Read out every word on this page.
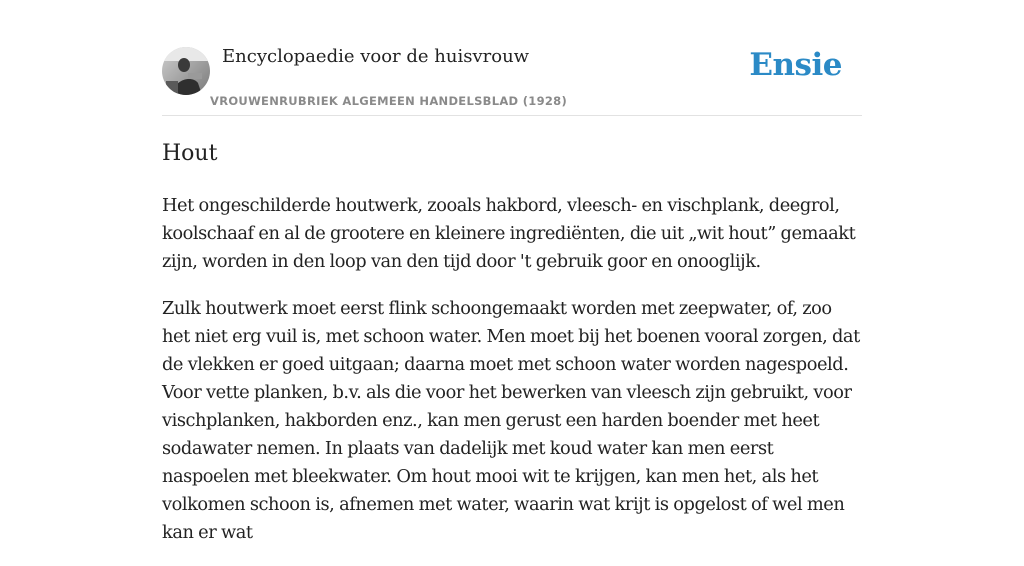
Encyclopaedie voor de huisvrouw
VROUWENRUBRIEK ALGEMEEN HANDELSBLAD (1928)
Ensie
Hout

Het ongeschilderde houtwerk, zooals hakbord, vleesch- en vischplank, deegrol, koolschaaf en al de grootere en kleinere ingrediënten, die uit „wit hout” gemaakt zijn, worden in den loop van den tijd door 't gebruik goor en onooglijk.

Zulk houtwerk moet eerst flink schoongemaakt worden met zeepwater, of, zoo het niet erg vuil is, met schoon water. Men moet bij het boenen vooral zorgen, dat de vlekken er goed uitgaan; daarna moet met schoon water worden nagespoeld. Voor vette planken, b.v. als die voor het bewerken van vleesch zijn gebruikt, voor vischplanken, hakborden enz., kan men gerust een harden boender met heet sodawater nemen. In plaats van dadelijk met koud water kan men eerst naspoelen met bleekwater. Om hout mooi wit te krijgen, kan men het, als het volkomen schoon is, afnemen met water, waarin wat krijt is opgelost of wel men kan er wat
